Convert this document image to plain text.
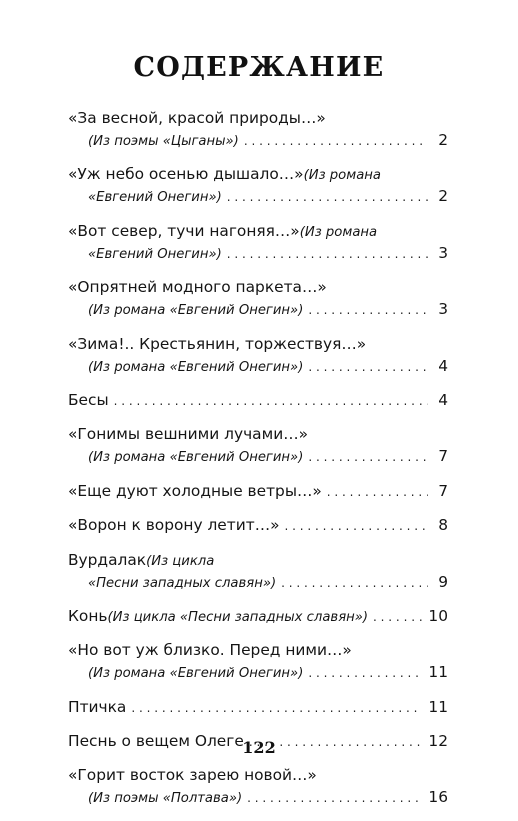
СОДЕРЖАНИЕ
«За весной, красой природы…»
(Из поэмы «Цыганы») . . .	2
«Уж небо осенью дышало…» (Из романа
«Евгений Онегин») . . .	2
«Вот север, тучи нагоняя…» (Из романа
«Евгений Онегин») . . .	3
«Опрятней модного паркета…»
(Из романа «Евгений Онегин») . . .	3
«Зима!.. Крестьянин, торжествуя…»
(Из романа «Евгений Онегин») . . .	4
Бесы . . .	4
«Гонимы вешними лучами…»
(Из романа «Евгений Онегин») . . .	7
«Еще дуют холодные ветры…» . . .	7
«Ворон к ворону летит…» . . .	8
Вурдалак (Из цикла
«Песни западных славян») . . .	9
Конь (Из цикла «Песни западных славян») . . .	10
«Но вот уж близко. Перед ними…»
(Из романа «Евгений Онегин») . . .	11
Птичка . . .	11
Песнь о вещем Олеге . . .	12
«Горит восток зарею новой…»
(Из поэмы «Полтава») . . .	16
122
